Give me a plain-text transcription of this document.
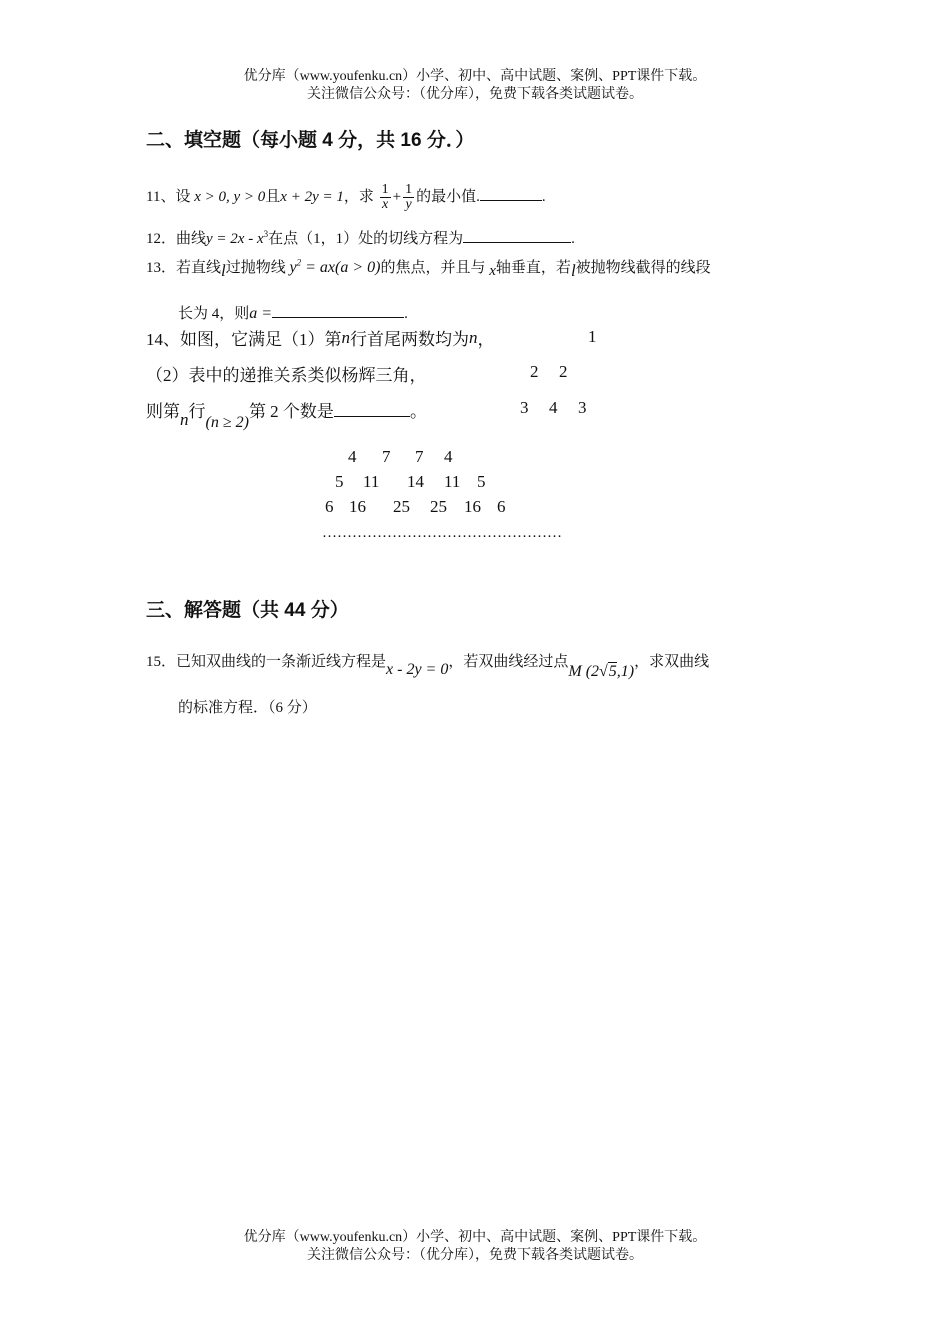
优分库（www.youfenku.cn）小学、初中、高中试题、案例、PPT课件下载。
关注微信公众号：（优分库），免费下载各类试题试卷。
二、填空题（每小题 4 分，共 16 分．）
11、设 x > 0, y > 0且x + 2y = 1，求 $\frac{1}{x} + \frac{1}{y}$ 的最小值.	.
12．曲线$y = 2x - x^3$在点（1，1）处的切线方程为	.
13．若直线l过抛物线 $y^2 = ax(a > 0)$的焦点，并且与 x轴垂直，若l被抛物线截得的线段
长为 4，则a =	.
14、如图，它满足（1）第n行首尾两数均为n，
（2）表中的递推关系类似杨辉三角，
则第n行(n ≥ 2)第 2 个数是	。
1
2 2
3 4 3
4 7 7 4
5 11 14 11 5
6 16 25 25 16 6
…………………………………………
三、解答题（共 44 分）
15．已知双曲线的一条渐近线方程是x - 2y = 0，若双曲线经过点M (2√5,1)，求双曲线
的标准方程．（6 分）
优分库（www.youfenku.cn）小学、初中、高中试题、案例、PPT课件下载。
关注微信公众号：（优分库），免费下载各类试题试卷。
